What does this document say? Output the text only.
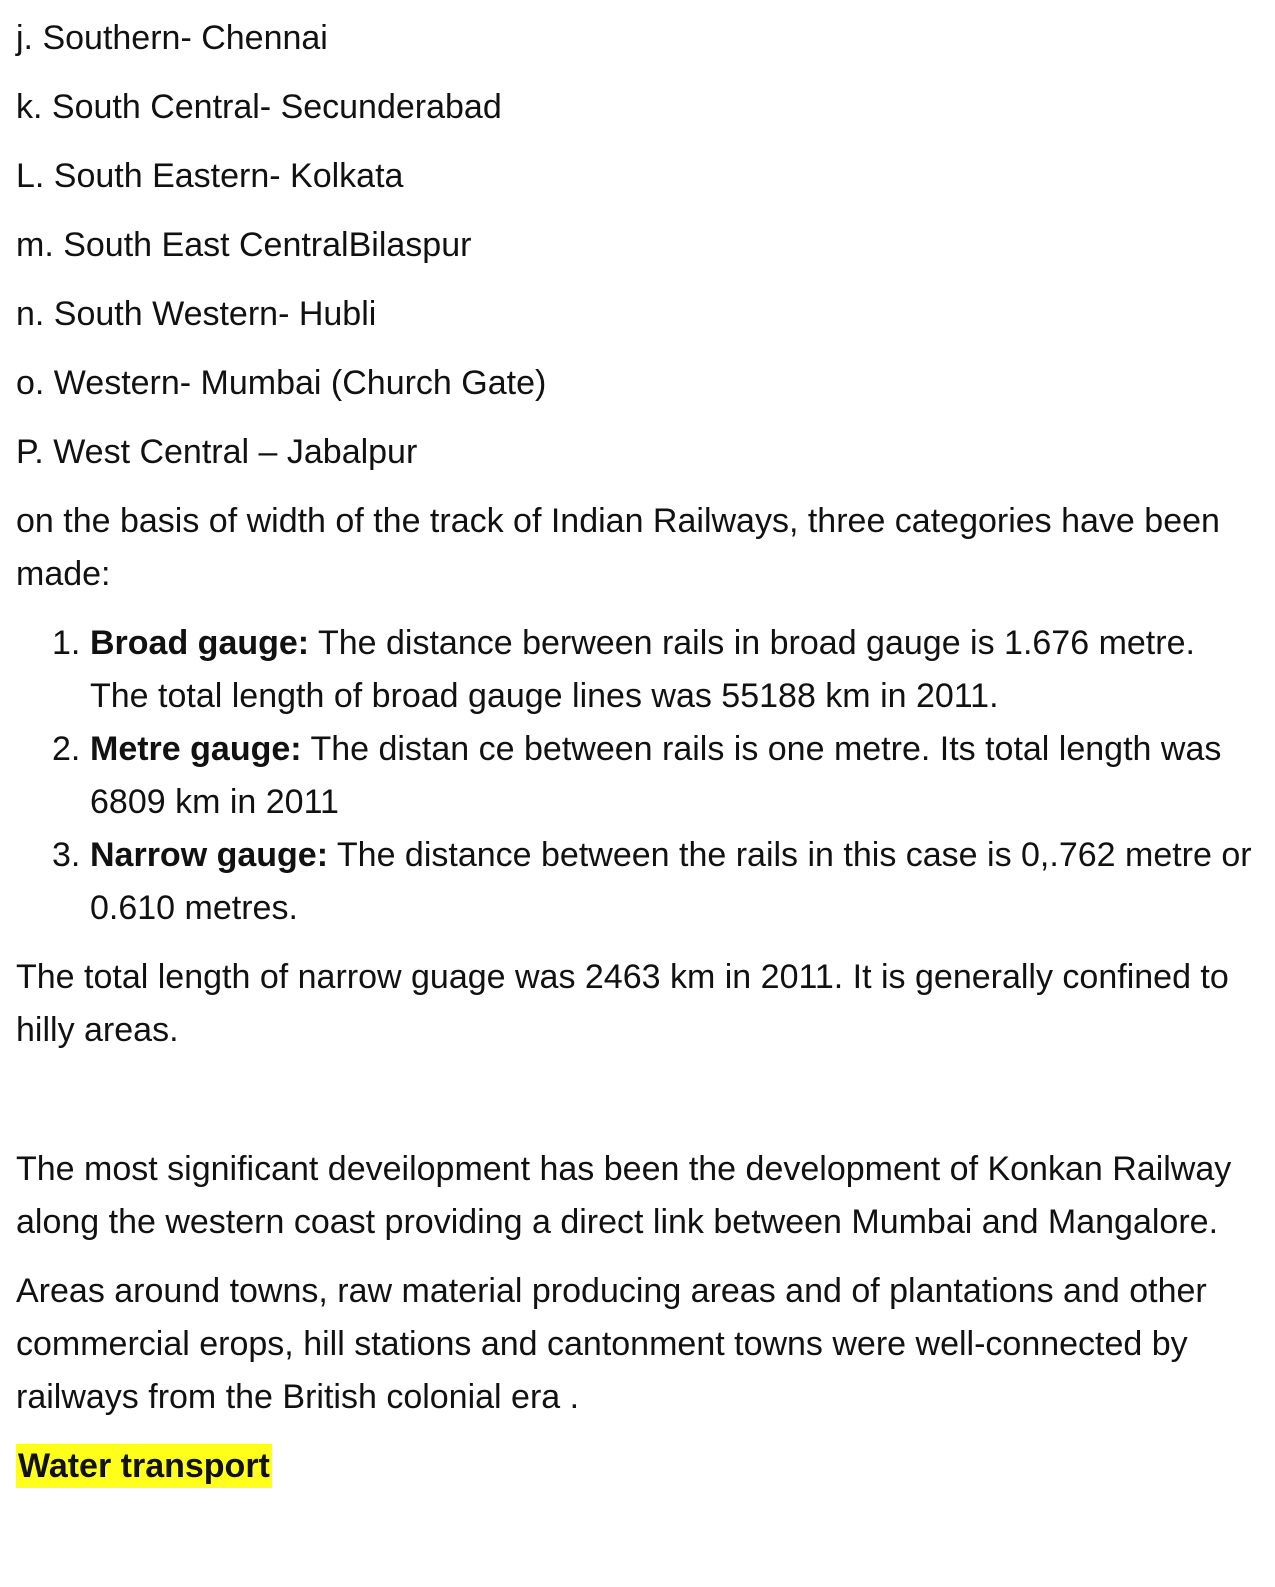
j. Southern- Chennai

k. South Central- Secunderabad

L. South Eastern- Kolkata

m. South East CentralBilaspur

n. South Western- Hubli

o. Western- Mumbai (Church Gate)

P. West Central – Jabalpur

on the basis of width of the track of Indian Railways, three categories have been made:

1. Broad gauge: The distance berween rails in broad gauge is 1.676 metre. The total length of broad gauge lines was 55188 km in 2011.
2. Metre gauge: The distan ce between rails is one metre. Its total length was 6809 km in 2011
3. Narrow gauge: The distance between the rails in this case is 0,.762 metre or 0.610 metres.

The total length of narrow guage was 2463 km in 2011. It is generally confined to hilly areas.

The most significant deveilopment has been the development of Konkan Railway along the western coast providing a direct link between Mumbai and Mangalore.

Areas around towns, raw material producing areas and of plantations and other commercial erops, hill stations and cantonment towns were well-connected by railways from the British colonial era .

Water transport
